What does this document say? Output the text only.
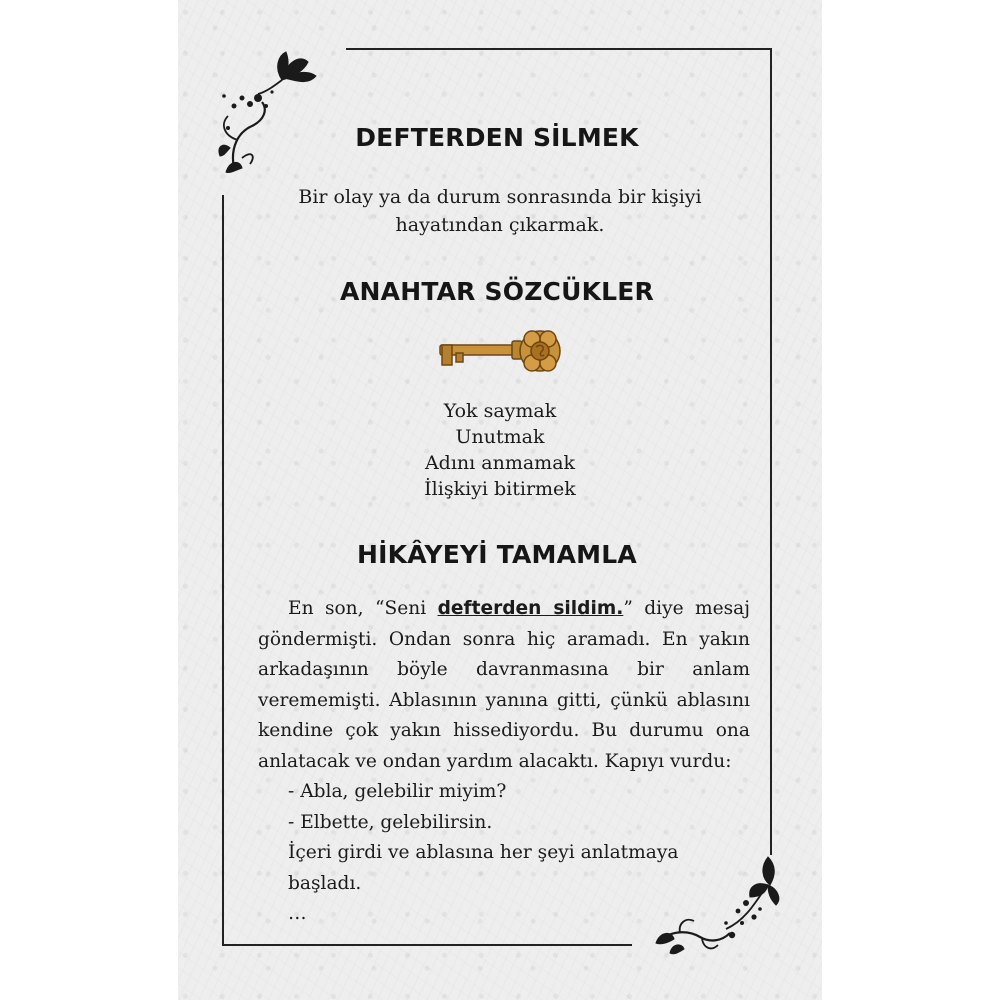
DEFTERDEN SİLMEK

Bir olay ya da durum sonrasında bir kişiyi
hayatından çıkarmak.

ANAHTAR SÖZCÜKLER
Yok saymak
Unutmak
Adını anmamak
İlişkiyi bitirmek
HİKÂYEYİ TAMAMLA

En son, “Seni defterden sildim.” diye mesaj göndermişti. Ondan sonra hiç aramadı. En yakın arkadaşının böyle davranmasına bir anlam verememişti. Ablasının yanına gitti, çünkü ablasını kendine çok yakın hissediyordu. Bu durumu ona anlatacak ve ondan yardım alacaktı. Kapıyı vurdu:

- Abla, gelebilir miyim?

- Elbette, gelebilirsin.

İçeri girdi ve ablasına her şeyi anlatmaya başladı.

…
